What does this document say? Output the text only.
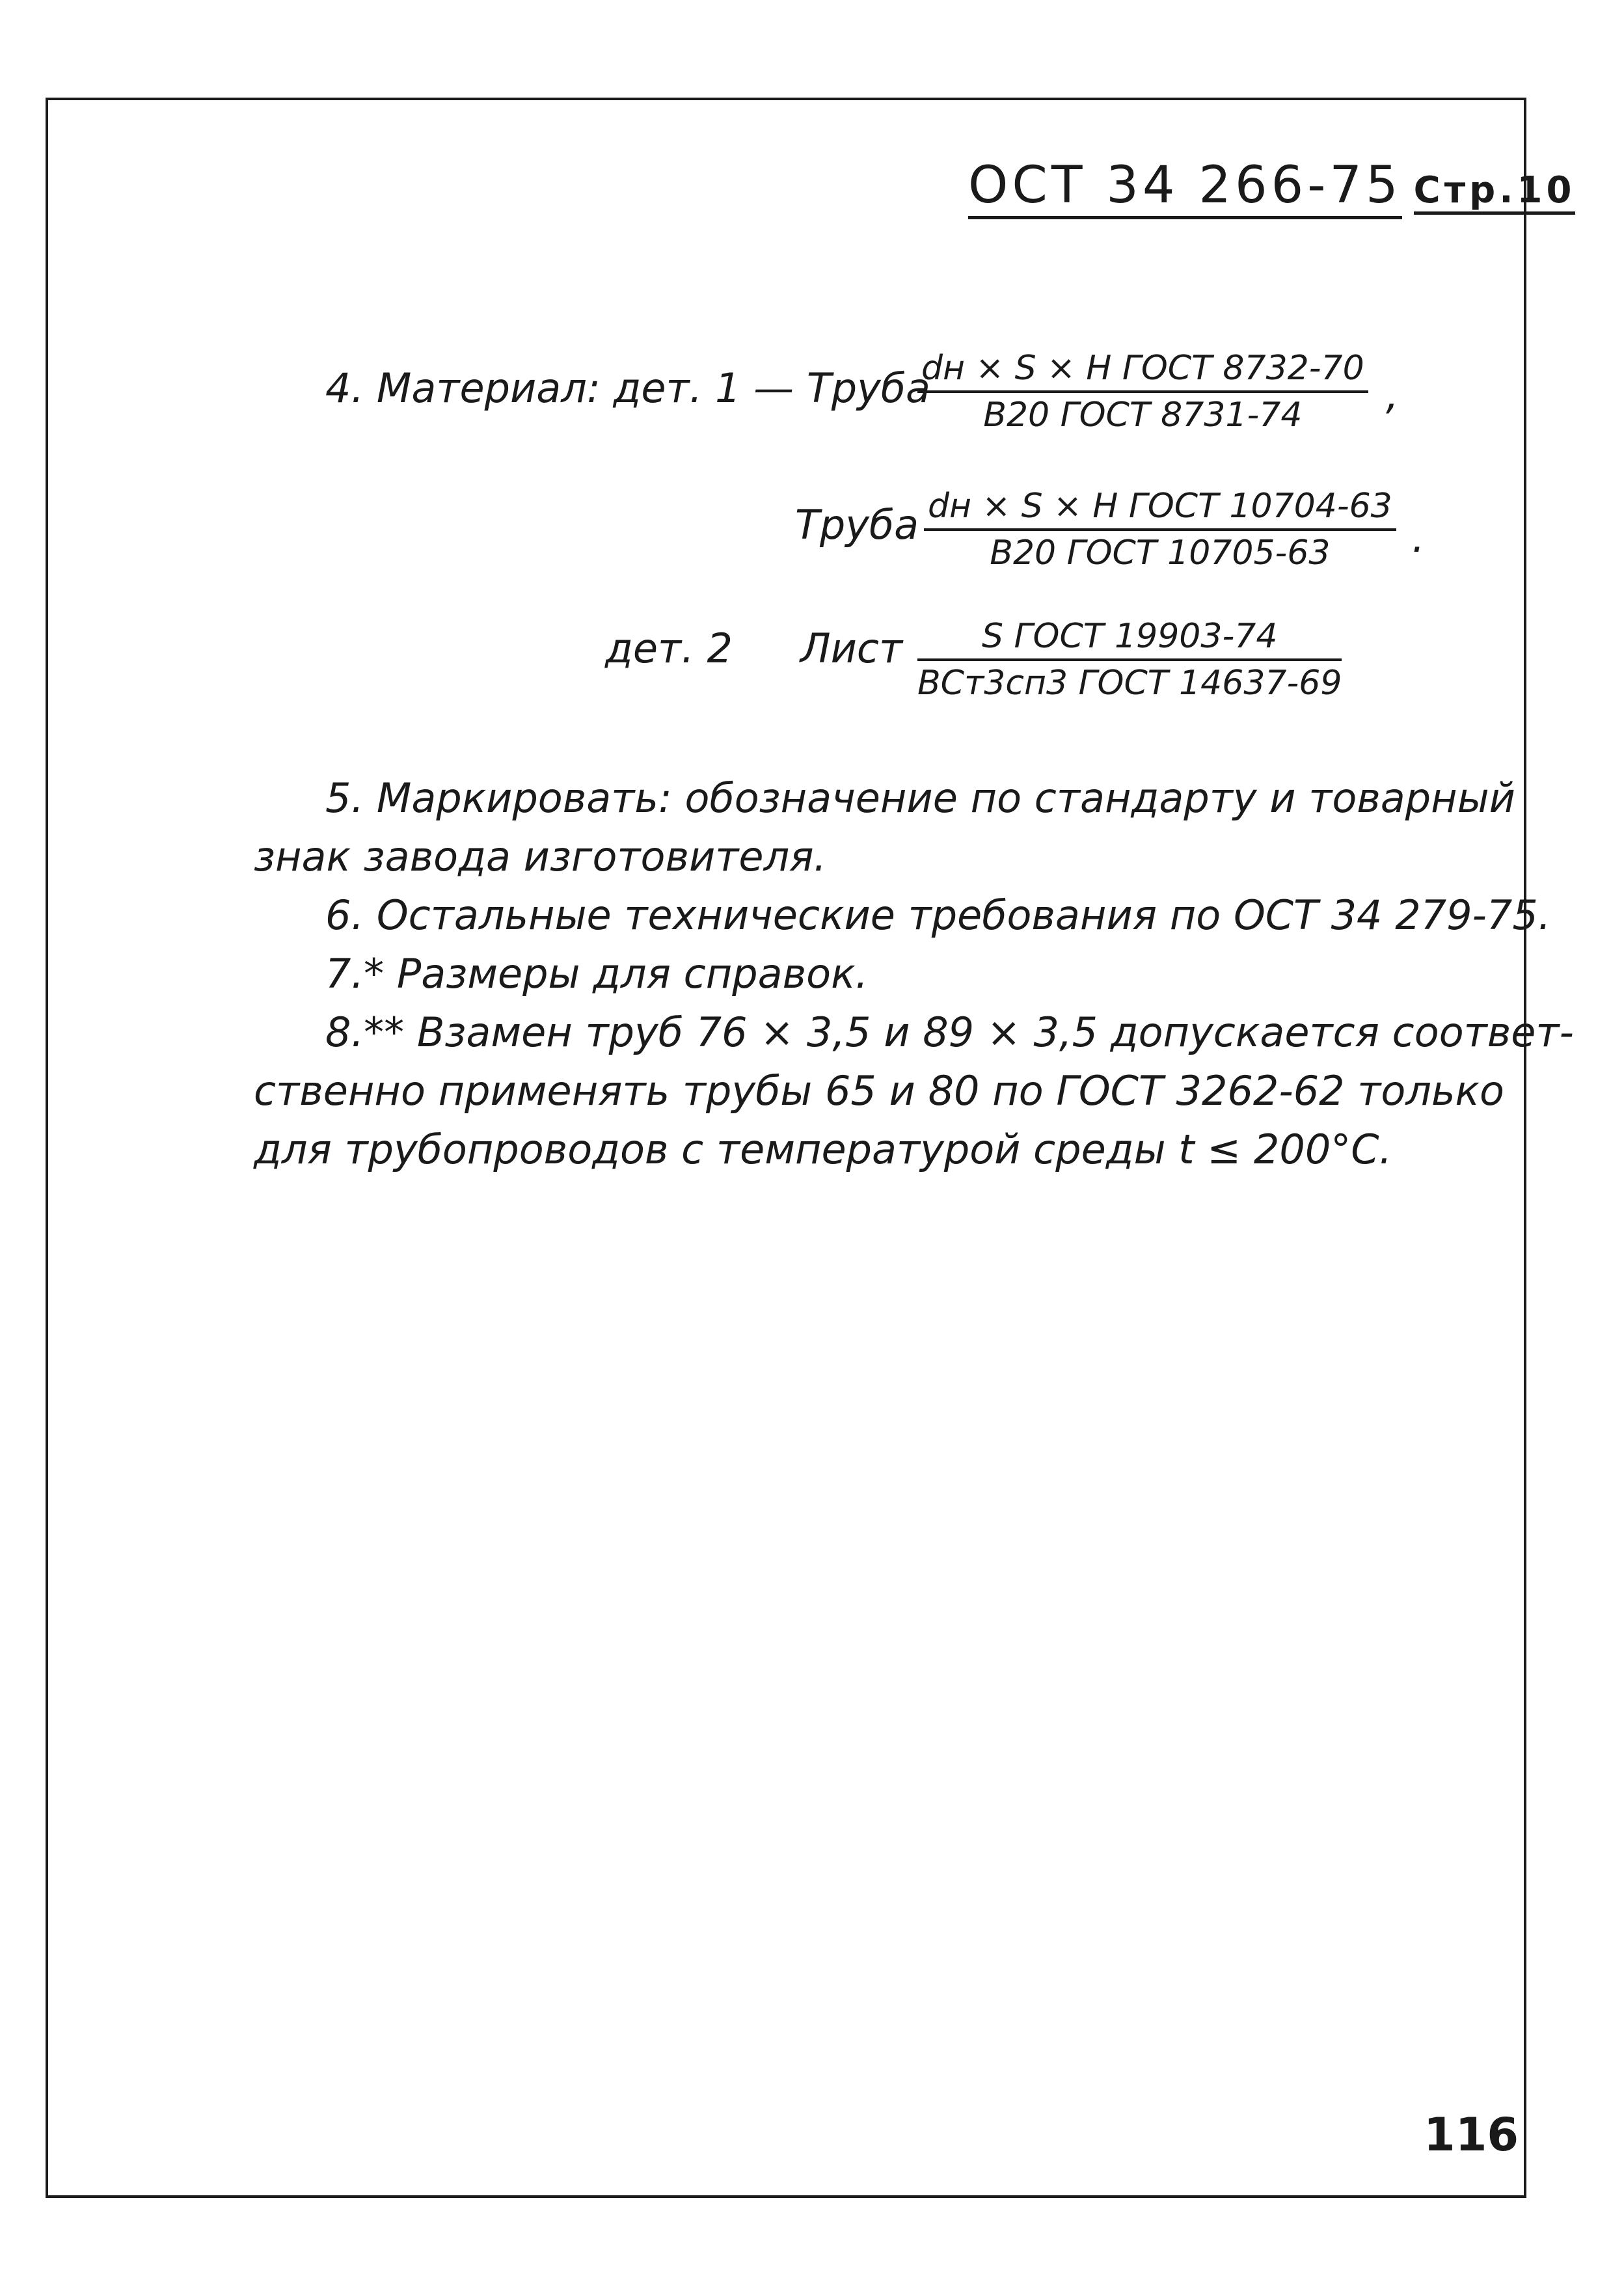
ОСТ 34 266-75 Стр.10
4. Материал: дет. 1 — Труба
dн × S × H ГОСТ 8732-70
В20 ГОСТ 8731-74	,
Труба dн × S × H ГОСТ 10704-63
В20 ГОСТ 10705-63	.
дет. 2 Лист	S ГОСТ 19903-74
ВСт3сп3 ГОСТ 14637-69
5. Маркировать: обозначение по стандарту и товарный
знак завода изготовителя.
6. Остальные технические требования по ОСТ 34 279-75.
7.* Размеры для справок.
8.** Взамен труб 76 × 3,5 и 89 × 3,5 допускается соответ-
ственно применять трубы 65 и 80 по ГОСТ 3262-62 только
для трубопроводов с температурой среды t ≤ 200°С.
116
